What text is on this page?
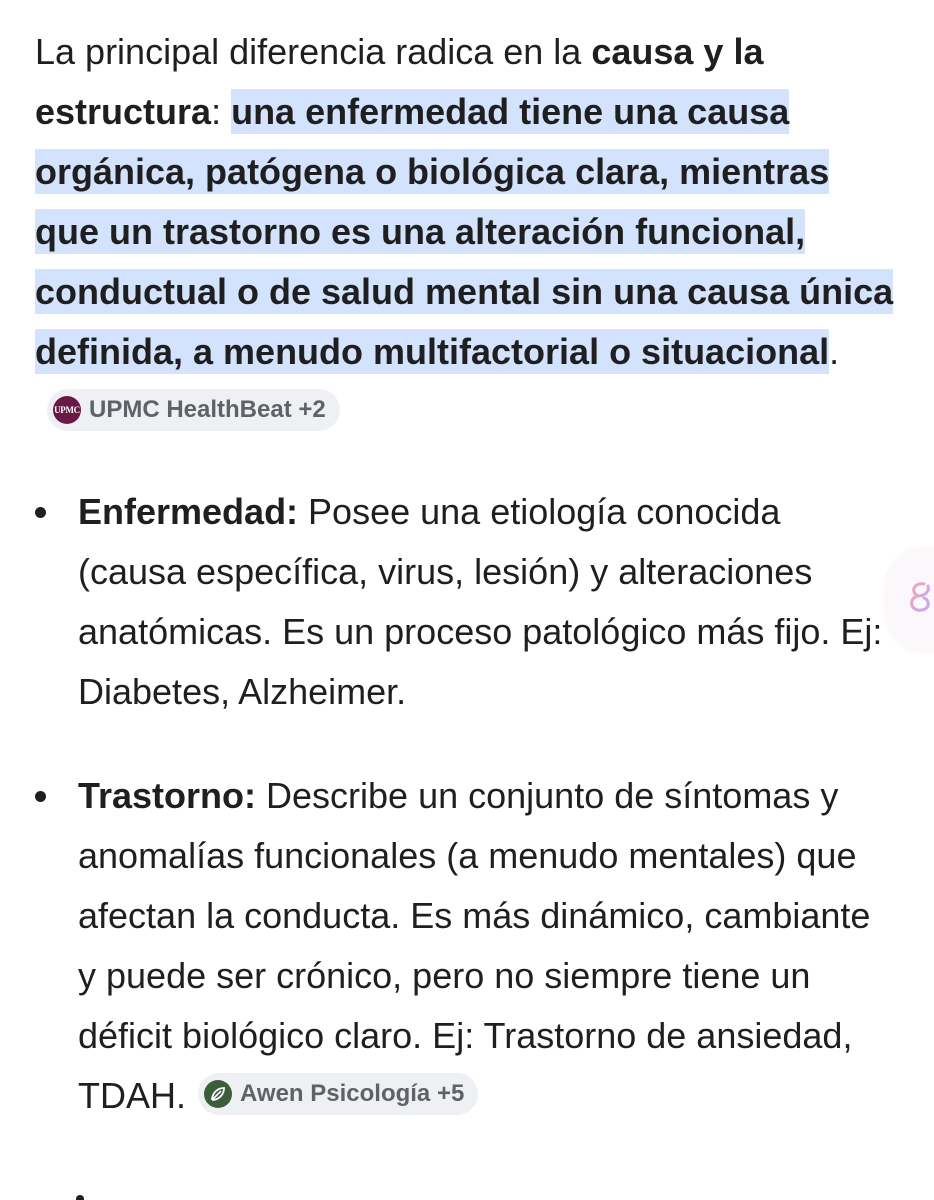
La principal diferencia radica en la causa y la estructura: una enfermedad tiene una causa orgánica, patógena o biológica clara, mientras que un trastorno es una alteración funcional, conductual o de salud mental sin una causa única definida, a menudo multifactorial o situacional.
UPMC UPMC HealthBeat +2

Enfermedad: Posee una etiología conocida (causa específica, virus, lesión) y alteraciones anatómicas. Es un proceso patológico más fijo. Ej: Diabetes, Alzheimer.
Trastorno: Describe un conjunto de síntomas y anomalías funcionales (a menudo mentales) que afectan la conducta. Es más dinámico, cambiante y puede ser crónico, pero no siempre tiene un déficit biológico claro. Ej: Trastorno de ansiedad,
TDAH. Awen Psicología +5
